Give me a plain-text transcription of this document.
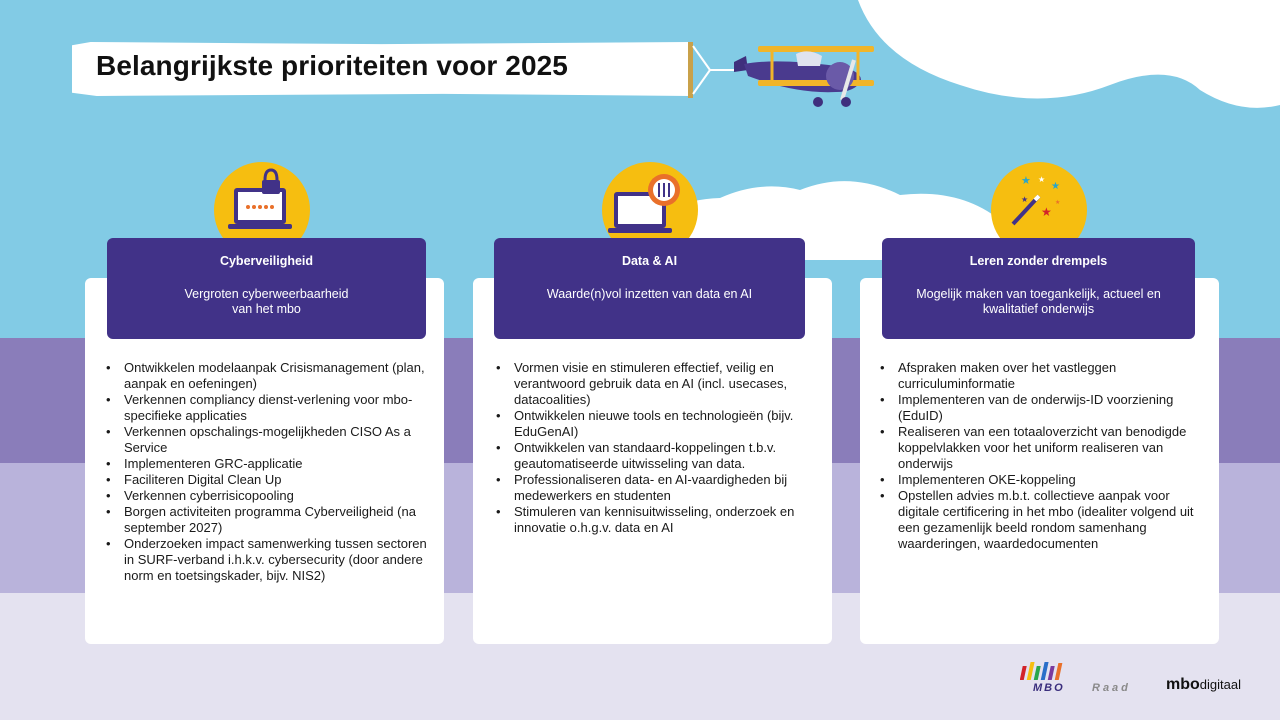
Belangrijkste prioriteiten voor 2025
★ ★
★
★
★	★
Cyberveiligheid
Vergroten cyberweerbaarheid
van het mbo
• Ontwikkelen modelaanpak Crisismanagement (plan, aanpak en oefeningen)
• Verkennen compliancy dienst-verlening voor mbo-specifieke applicaties
• Verkennen opschalings-mogelijkheden CISO As a Service
• Implementeren GRC-applicatie
• Faciliteren Digital Clean Up
• Verkennen cyberrisicopooling
• Borgen activiteiten programma Cyberveiligheid (na september 2027)
• Onderzoeken impact samenwerking tussen sectoren in SURF-verband i.h.k.v. cybersecurity (door andere norm en toetsingskader, bijv. NIS2)
Data & AI
Waarde(n)vol inzetten van data en AI
• Vormen visie en stimuleren effectief, veilig en verantwoord gebruik data en AI (incl. usecases, datacoalities)
• Ontwikkelen nieuwe tools en technologieën (bijv. EduGenAI)
• Ontwikkelen van standaard-koppelingen t.b.v. geautomatiseerde uitwisseling van data.
• Professionaliseren data- en AI-vaardigheden bij medewerkers en studenten
• Stimuleren van kennisuitwisseling, onderzoek en innovatie o.h.g.v. data en AI
Leren zonder drempels
Mogelijk maken van toegankelijk, actueel en
kwalitatief onderwijs
• Afspraken maken over het vastleggen curriculuminformatie
• Implementeren van de onderwijs-ID voorziening (EduID)
• Realiseren van een totaaloverzicht van benodigde koppelvlakken voor het uniform realiseren van onderwijs
• Implementeren OKE-koppeling
• Opstellen advies m.b.t. collectieve aanpak voor digitale certificering in het mbo (idealiter volgend uit een gezamenlijk beeld rondom samenhang waarderingen, waardedocumenten
MBO Raad mbodigitaal
